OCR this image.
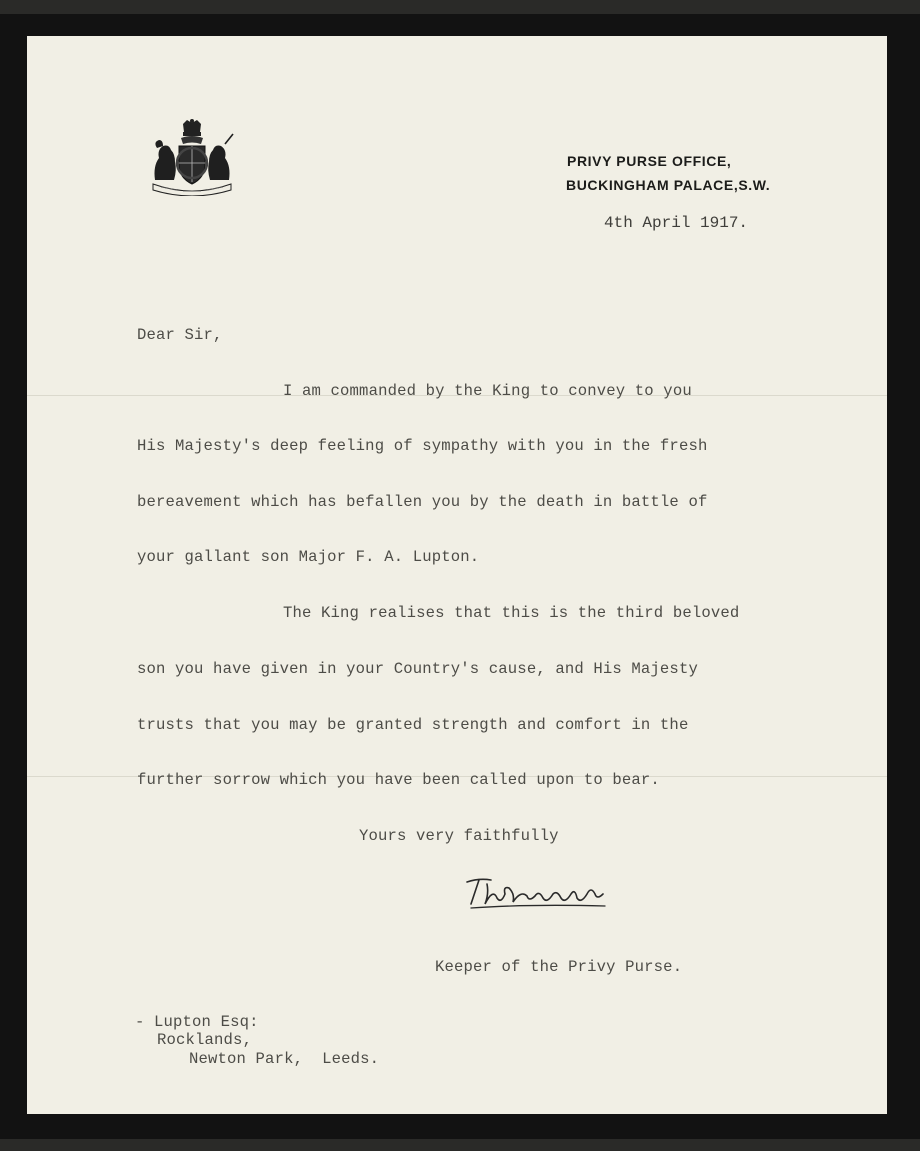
PRIVY PURSE OFFICE,
BUCKINGHAM PALACE,S.W.
4th April 1917.
Dear Sir,
I am commanded by the King to convey to you
His Majesty's deep feeling of sympathy with you in the fresh
bereavement which has befallen you by the death in battle of
your gallant son Major F. A. Lupton.
The King realises that this is the third beloved
son you have given in your Country's cause, and His Majesty
trusts that you may be granted strength and comfort in the
further sorrow which you have been called upon to bear.
Yours very faithfully
Keeper of the Privy Purse.
- Lupton Esq:
Rocklands,
Newton Park,  Leeds.
